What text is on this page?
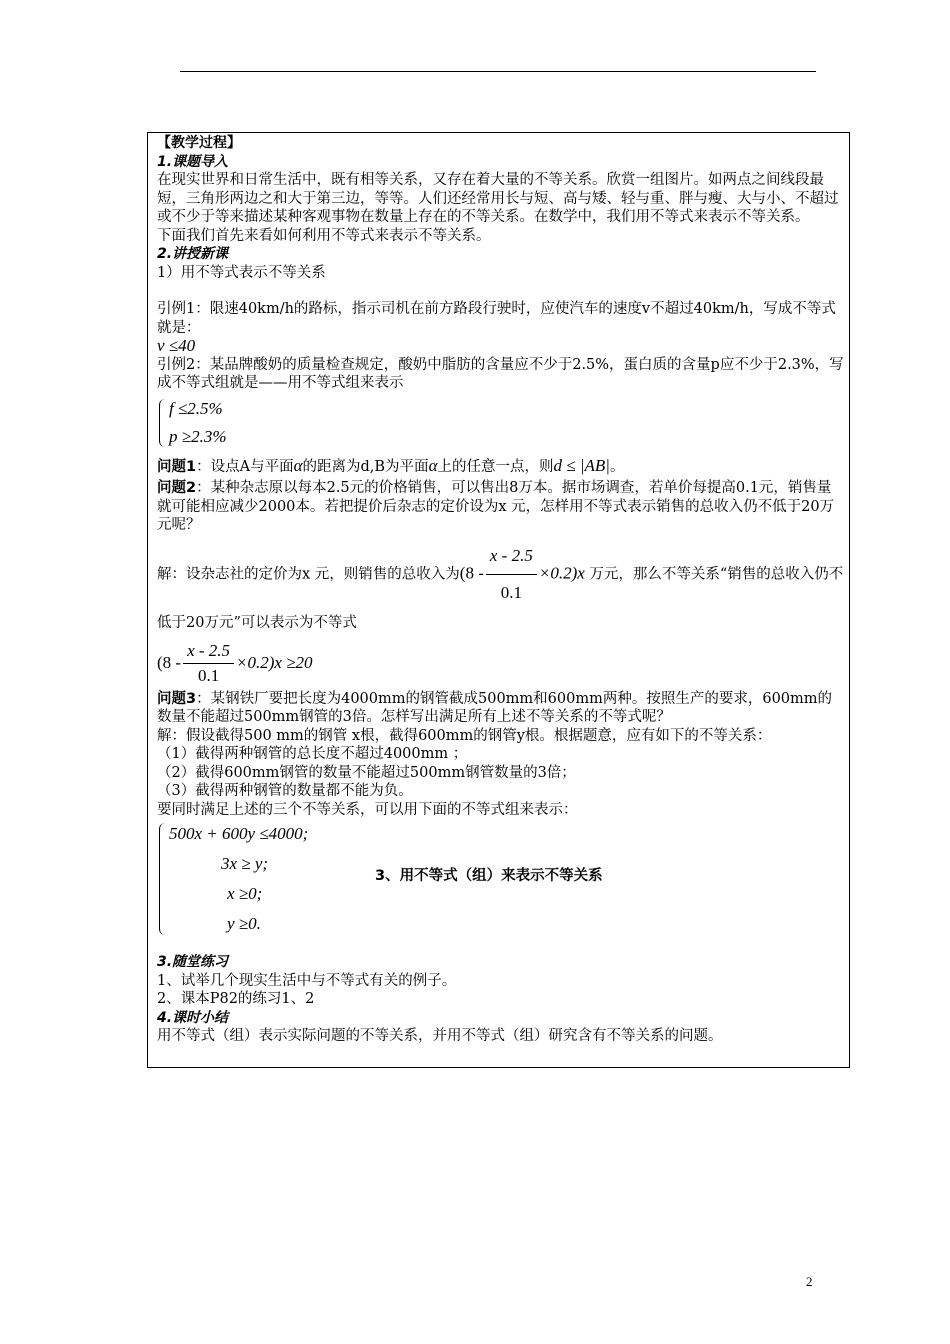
【教学过程】

1.课题导入

在现实世界和日常生活中，既有相等关系，又存在着大量的不等关系。欣赏一组图片。如两点之间线段最短，三角形两边之和大于第三边，等等。人们还经常用长与短、高与矮、轻与重、胖与瘦、大与小、不超过或不少于等来描述某种客观事物在数量上存在的不等关系。在数学中，我们用不等式来表示不等关系。

下面我们首先来看如何利用不等式来表示不等关系。

2.讲授新课

1）用不等式表示不等关系

引例1：限速40km/h的路标，指示司机在前方路段行驶时，应使汽车的速度v不超过40km/h，写成不等式就是：

v ≤40

引例2：某品牌酸奶的质量检查规定，酸奶中脂肪的含量应不少于2.5%，蛋白质的含量p应不少于2.3%，写成不等式组就是——用不等式组来表示

f ≤2.5%
p ≥2.3%

问题1：设点A与平面α的距离为d,B为平面α上的任意一点，则d ≤ |AB|。

问题2：某种杂志原以每本2.5元的价格销售，可以售出8万本。据市场调查，若单价每提高0.1元，销售量就可能相应减少2000本。若把提价后杂志的定价设为x 元，怎样用不等式表示销售的总收入仍不低于20万元呢？

解：设杂志社的定价为x 元，则销售的总收入为$(8 - \frac{x - 2.5}{0.1} \times 0.2)x$ 万元，那么不等关系“销售的总收入仍不低于20万元”可以表示为不等式

$(8 - \frac{x - 2.5}{0.1} \times 0.2)x \ge 20$

问题3：某钢铁厂要把长度为4000mm的钢管截成500mm和600mm两种。按照生产的要求，600mm的数量不能超过500mm钢管的3倍。怎样写出满足所有上述不等关系的不等式呢？

解：假设截得500 mm的钢管 x根，截得600mm的钢管y根。根据题意，应有如下的不等关系：

（1）截得两种钢管的总长度不超过4000mm ；

（2）截得600mm钢管的数量不能超过500mm钢管数量的3倍；

（3）截得两种钢管的数量都不能为负。

要同时满足上述的三个不等关系，可以用下面的不等式组来表示：

500x + 600y ≤4000;
3x ≥ y;
x ≥0;
y ≥0.
3、用不等式（组）来表示不等关系

3.随堂练习

1、试举几个现实生活中与不等式有关的例子。

2、课本P82的练习1、2

4.课时小结

用不等式（组）表示实际问题的不等关系，并用不等式（组）研究含有不等关系的问题。

2
